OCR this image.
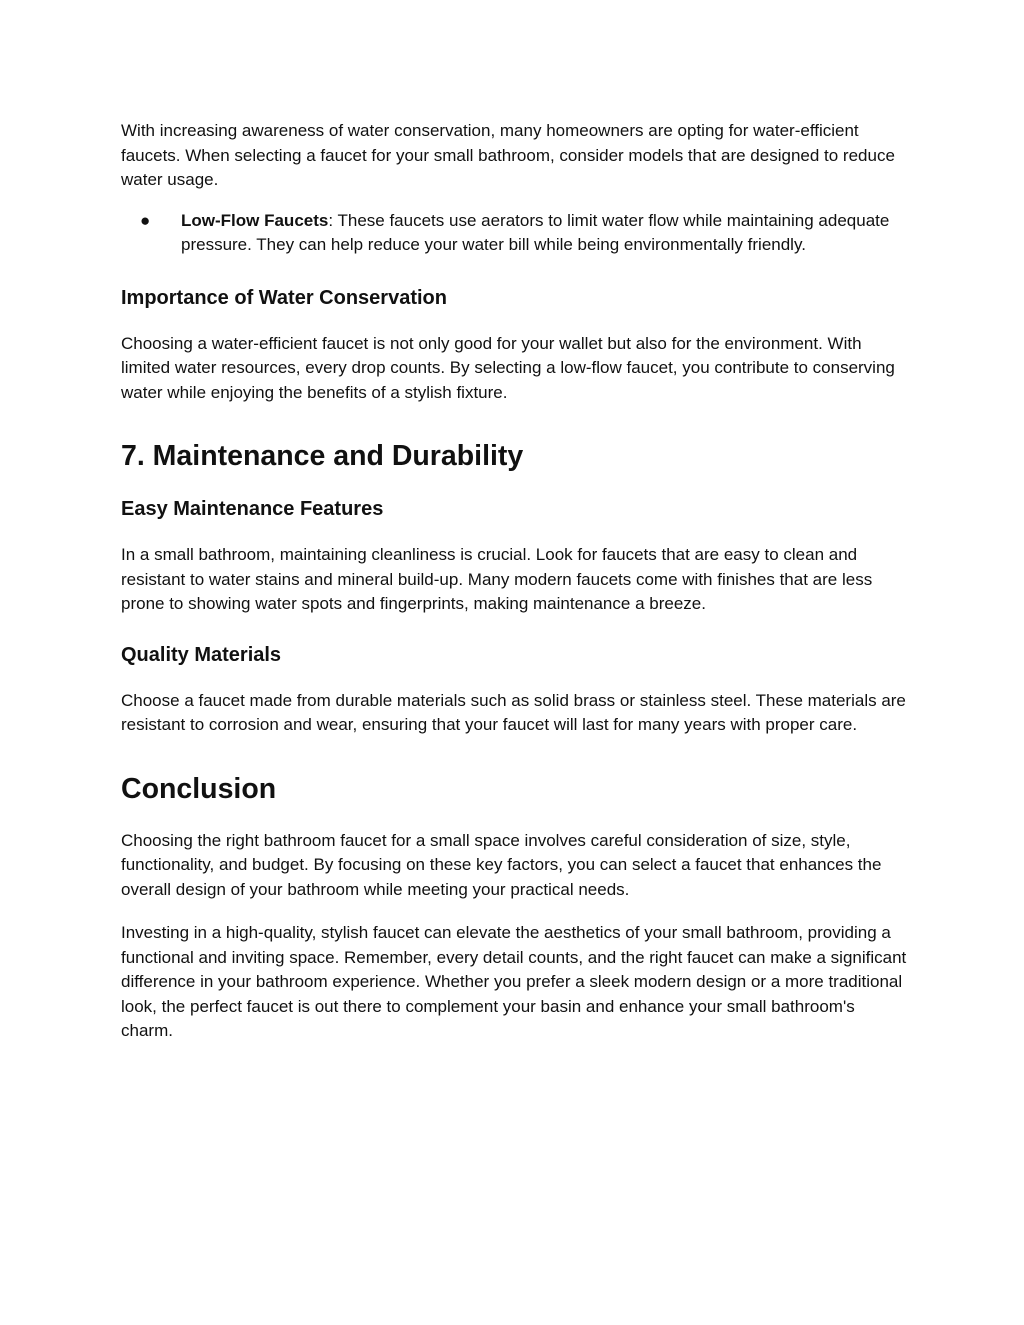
With increasing awareness of water conservation, many homeowners are opting for water-efficient faucets. When selecting a faucet for your small bathroom, consider models that are designed to reduce water usage.

● Low-Flow Faucets: These faucets use aerators to limit water flow while maintaining adequate pressure. They can help reduce your water bill while being environmentally friendly.
Importance of Water Conservation

Choosing a water-efficient faucet is not only good for your wallet but also for the environment. With limited water resources, every drop counts. By selecting a low-flow faucet, you contribute to conserving water while enjoying the benefits of a stylish fixture.

7. Maintenance and Durability
Easy Maintenance Features

In a small bathroom, maintaining cleanliness is crucial. Look for faucets that are easy to clean and resistant to water stains and mineral build-up. Many modern faucets come with finishes that are less prone to showing water spots and fingerprints, making maintenance a breeze.

Quality Materials

Choose a faucet made from durable materials such as solid brass or stainless steel. These materials are resistant to corrosion and wear, ensuring that your faucet will last for many years with proper care.

Conclusion

Choosing the right bathroom faucet for a small space involves careful consideration of size, style, functionality, and budget. By focusing on these key factors, you can select a faucet that enhances the overall design of your bathroom while meeting your practical needs.

Investing in a high-quality, stylish faucet can elevate the aesthetics of your small bathroom, providing a functional and inviting space. Remember, every detail counts, and the right faucet can make a significant difference in your bathroom experience. Whether you prefer a sleek modern design or a more traditional look, the perfect faucet is out there to complement your basin and enhance your small bathroom's charm.
